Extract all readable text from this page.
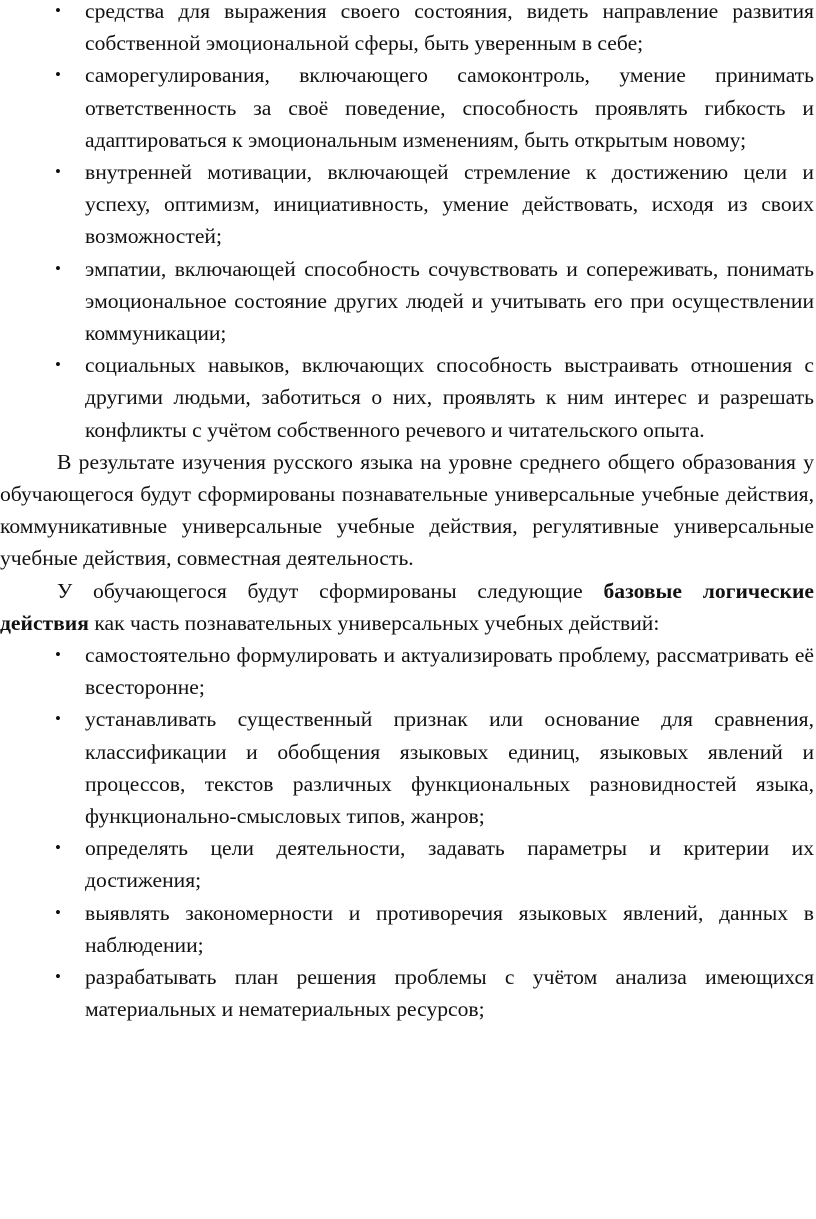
• средства для выражения своего состояния, видеть направление развития собственной эмоциональной сферы, быть уверенным в себе;
• саморегулирования, включающего самоконтроль, умение принимать ответственность за своё поведение, способность проявлять гибкость и адаптироваться к эмоциональным изменениям, быть открытым новому;
• внутренней мотивации, включающей стремление к достижению цели и успеху, оптимизм, инициативность, умение действовать, исходя из своих возможностей;
• эмпатии, включающей способность сочувствовать и сопереживать, понимать эмоциональное состояние других людей и учитывать его при осуществлении коммуникации;
• социальных навыков, включающих способность выстраивать отношения с другими людьми, заботиться о них, проявлять к ним интерес и разрешать конфликты с учётом собственного речевого и читательского опыта.

В результате изучения русского языка на уровне среднего общего образования у обучающегося будут сформированы познавательные универсальные учебные действия, коммуникативные универсальные учебные действия, регулятивные универсальные учебные действия, совместная деятельность.

У обучающегося будут сформированы следующие базовые логические действия как часть познавательных универсальных учебных действий:

• самостоятельно формулировать и актуализировать проблему, рассматривать её всесторонне;
• устанавливать существенный признак или основание для сравнения, классификации и обобщения языковых единиц, языковых явлений и процессов, текстов различных функциональных разновидностей языка, функционально-смысловых типов, жанров;
• определять цели деятельности, задавать параметры и критерии их достижения;
• выявлять закономерности и противоречия языковых явлений, данных в наблюдении;
• разрабатывать план решения проблемы с учётом анализа имеющихся материальных и нематериальных ресурсов;
